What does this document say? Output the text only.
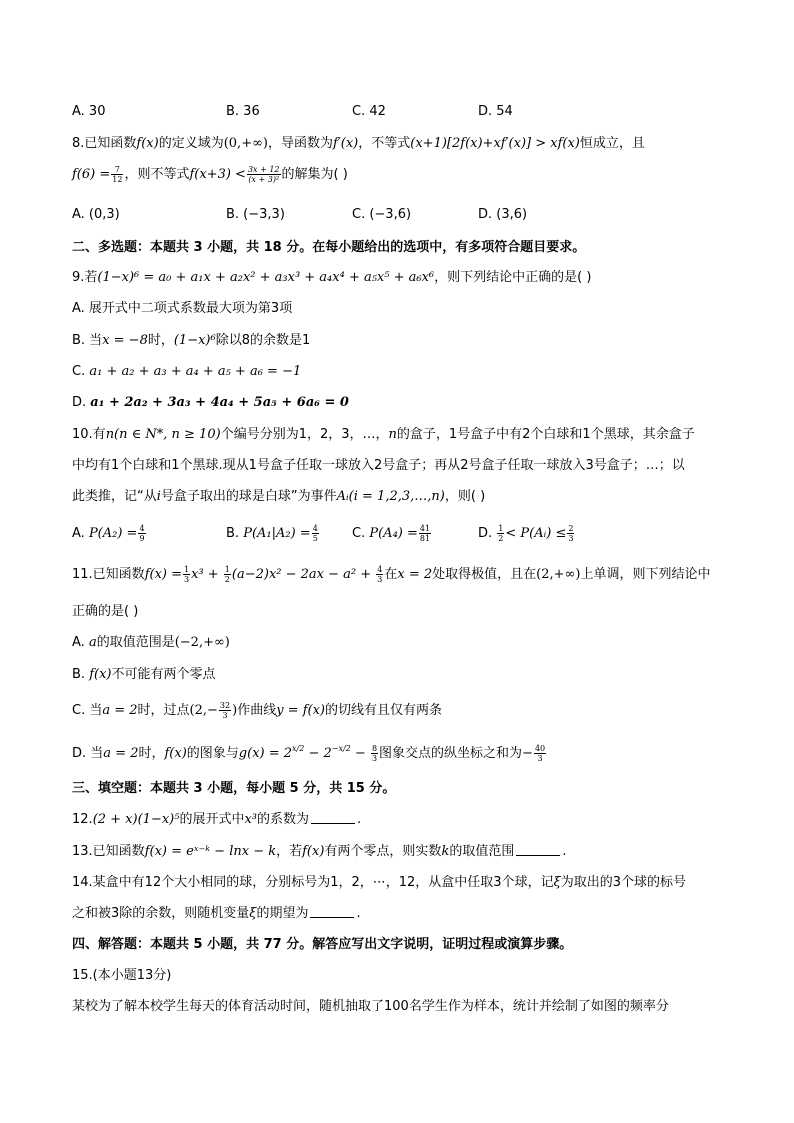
A. 30	B. 36	C. 42	D. 54
8.已知函数f(x)的定义域为(0,+∞)，导函数为f′(x)，不等式(x+1)[2f(x)+xf′(x)] > xf(x)恒成立，且
$f(6) = \frac{7}{12}$ ，则不等式$f(x+3) < \frac{3x + 12}{\text{(x + 3)²}}$ 的解集为( )
A. (0,3)	B. (−3,3)	C. (−3,6)	D. (3,6)
二、多选题：本题共 3 小题，共 18 分。在每小题给出的选项中，有多项符合题目要求。
9.若(1−x)⁶ = a₀ + a₁x + a₂x² + a₃x³ + a₄x⁴ + a₅x⁵ + a₆x⁶，则下列结论中正确的是( )
A. 展开式中二项式系数最大项为第3项
B. 当x = −8时，(1−x)⁶除以8的余数是1
C. a₁ + a₂ + a₃ + a₄ + a₅ + a₆ = −1
D. a₁ + 2a₂ + 3a₃ + 4a₄ + 5a₅ + 6a₆ = 0
10.有n(n ∈ N*, n ≥ 10)个编号分别为1，2，3，…，n的盒子，1号盒子中有2个白球和1个黑球，其余盒子
中均有1个白球和1个黑球.现从1号盒子任取一球放入2号盒子；再从2号盒子任取一球放入3号盒子；…；以
此类推，记“从i号盒子取出的球是白球”为事件Aᵢ(i = 1,2,3,…,n)，则( )
A. $P(A_2) = \frac{4}{9}$	B. $P(A_1|A_2) = \frac{4}{5}$	C. $P(A_4) = \frac{41}{81}$	D. $\frac{1}{2}$ < P(Aᵢ) ≤ $\frac{2}{3}$
11.已知函数$f(x) = \frac{1}{3} x^3 + \frac{1}{2} (a-2)x^2 - 2ax - a^2 + \frac{4}{3}$ 在x = 2处取得极值，且在(2,+∞)上单调，则下列结论中
正确的是( )
A. a的取值范围是(−2,+∞)
B. f(x)不可能有两个零点
C. 当a = 2时，过点($2,- \frac{32}{3}$ )作曲线y = f(x)的切线有且仅有两条
D. 当a = 2时，f(x)的图象与$g(x) = 2^{x/2} - 2^{-x/2} - \frac{8}{3}$ 图象交点的纵坐标之和为− $\frac{40}{3}$
三、填空题：本题共 3 小题，每小题 5 分，共 15 分。
12.(2 + x)(1−x)⁵的展开式中x³的系数为	.
13.已知函数f(x) = eˣ⁻ᵏ − lnx − k，若f(x)有两个零点，则实数k的取值范围	.
14.某盒中有12个大小相同的球，分别标号为1，2，⋯，12，从盒中任取3个球，记ξ为取出的3个球的标号
之和被3除的余数，则随机变量ξ的期望为	.
四、解答题：本题共 5 小题，共 77 分。解答应写出文字说明，证明过程或演算步骤。
15.(本小题13分)
某校为了解本校学生每天的体育活动时间，随机抽取了100名学生作为样本，统计并绘制了如图的频率分
